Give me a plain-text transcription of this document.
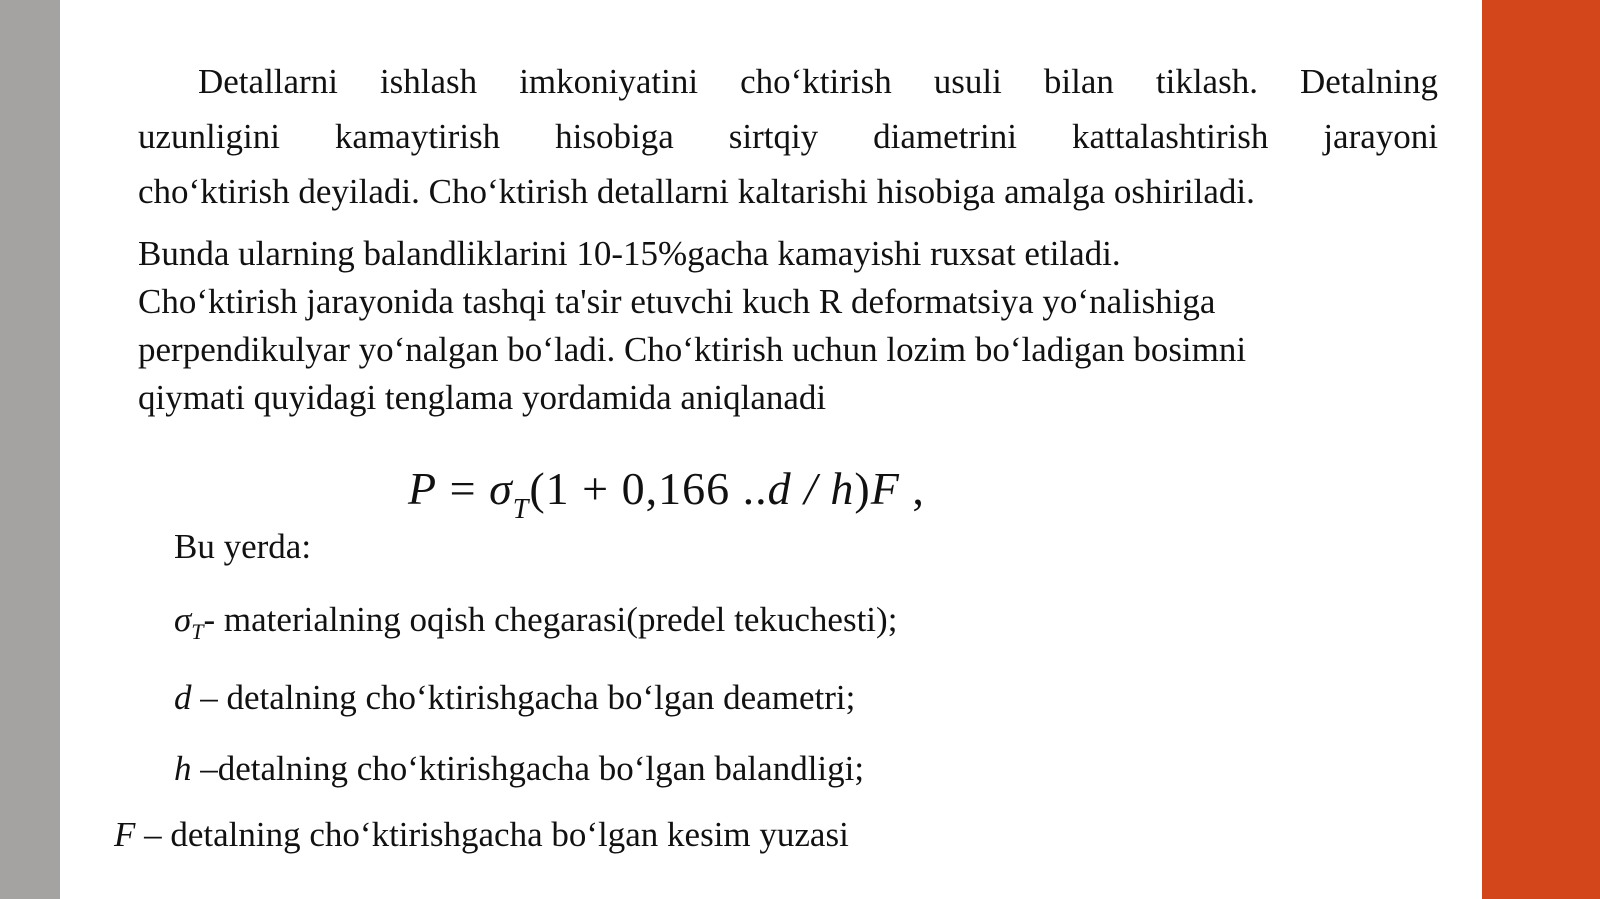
Detallarni ishlash imkoniyatini cho‘ktirish usuli bilan tiklash. Detalning
uzunligini kamaytirish hisobiga sirtqiy diametrini kattalashtirish jarayoni
cho‘ktirish deyiladi. Cho‘ktirish detallarni kaltarishi hisobiga amalga oshiriladi.
Bunda ularning balandliklarini 10-15%gacha kamayishi ruxsat etiladi.
Cho‘ktirish jarayonida tashqi ta'sir etuvchi kuch R deformatsiya yo‘nalishiga
perpendikulyar yo‘nalgan bo‘ladi. Cho‘ktirish uchun lozim bo‘ladigan bosimni
qiymati quyidagi tenglama yordamida aniqlanadi
$P = \sigma_T(1 + 0,166$ ..d / h)F ,
Bu yerda:
$\sigma_T-$ materialning oqish chegarasi(predel tekuchesti);
d – detalning cho‘ktirishgacha bo‘lgan deametri;
h –detalning cho‘ktirishgacha bo‘lgan balandligi;
F – detalning cho‘ktirishgacha bo‘lgan kesim yuzasi
